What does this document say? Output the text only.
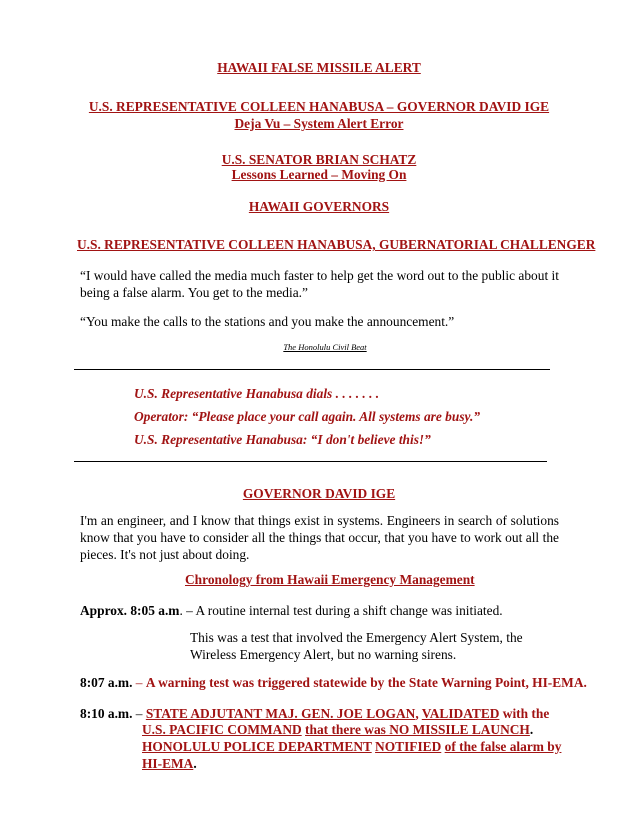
HAWAII FALSE MISSILE ALERT
U.S. REPRESENTATIVE COLLEEN HANABUSA – GOVERNOR DAVID IGE
Deja Vu – System Alert Error
U.S. SENATOR BRIAN SCHATZ
Lessons Learned – Moving On
HAWAII GOVERNORS
U.S. REPRESENTATIVE COLLEEN HANABUSA, GUBERNATORIAL CHALLENGER
“I would have called the media much faster to help get the word out to the public about it being a false alarm. You get to the media.”
“You make the calls to the stations and you make the announcement.”
The Honolulu Civil Beat
U.S. Representative Hanabusa dials . . . . . . .
Operator: “Please place your call again. All systems are busy.”
U.S. Representative Hanabusa: “I don't believe this!”
GOVERNOR DAVID IGE
I'm an engineer, and I know that things exist in systems. Engineers in search of solutions know that you have to consider all the things that occur, that you have to work out all the pieces. It's not just about doing.
Chronology from Hawaii Emergency Management
Approx. 8:05 a.m. – A routine internal test during a shift change was initiated.
This was a test that involved the Emergency Alert System, the Wireless Emergency Alert, but no warning sirens.
8:07 a.m. – A warning test was triggered statewide by the State Warning Point, HI-EMA.
8:10 a.m. – STATE ADJUTANT MAJ. GEN. JOE LOGAN, VALIDATED with the
U.S. PACIFIC COMMAND that there was NO MISSILE LAUNCH.
HONOLULU POLICE DEPARTMENT NOTIFIED of the false alarm by
HI-EMA.
